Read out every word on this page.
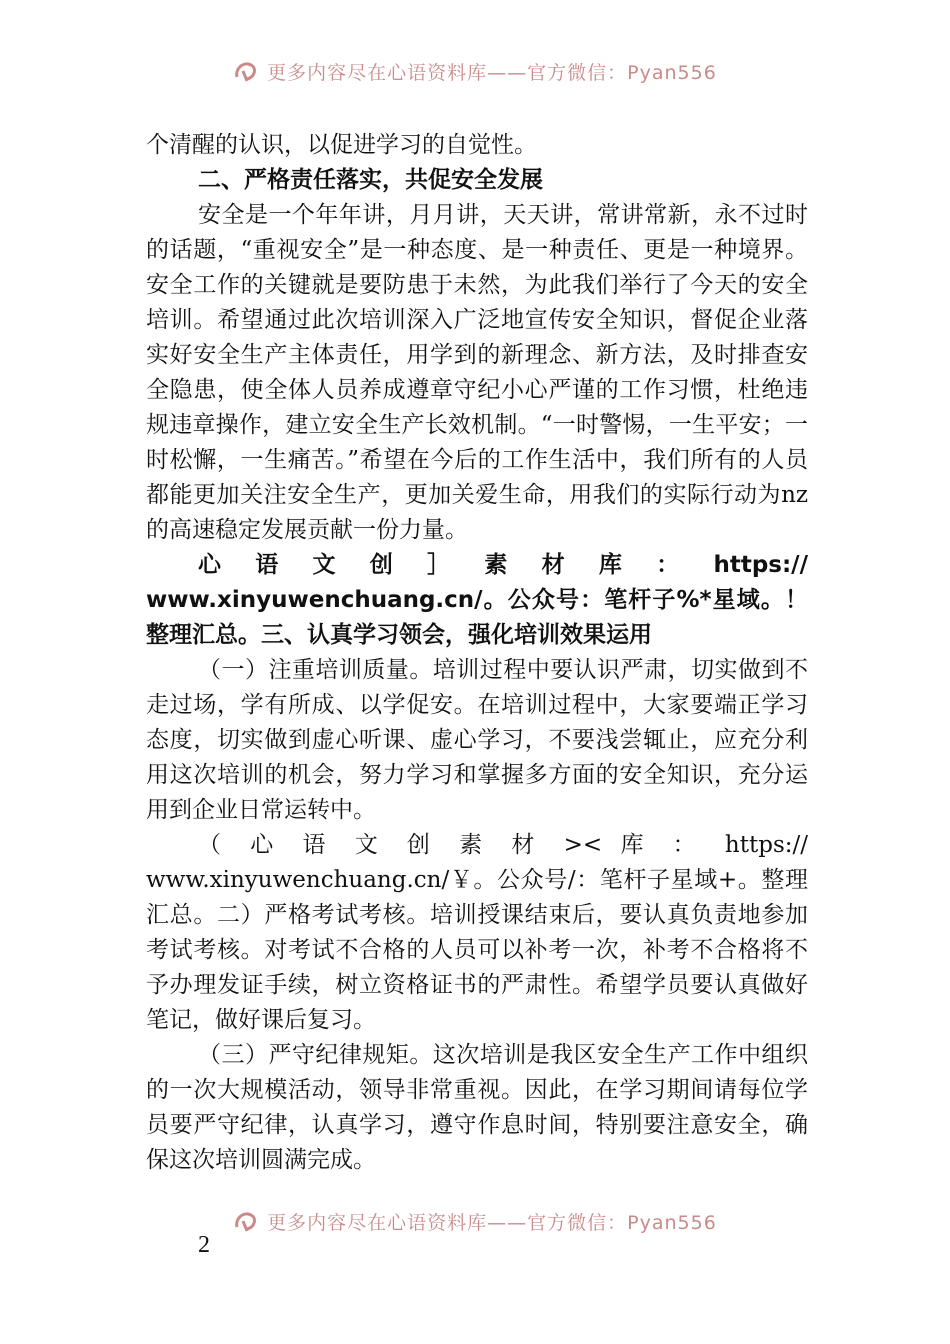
更多内容尽在心语资料库——官方微信：Pyan556

个清醒的认识，以促进学习的自觉性。

二、严格责任落实，共促安全发展

安全是一个年年讲，月月讲，天天讲，常讲常新，永不过时的话题，“重视安全”是一种态度、是一种责任、更是一种境界。安全工作的关键就是要防患于未然，为此我们举行了今天的安全培训。希望通过此次培训深入广泛地宣传安全知识，督促企业落实好安全生产主体责任，用学到的新理念、新方法，及时排查安全隐患，使全体人员养成遵章守纪小心严谨的工作习惯，杜绝违规违章操作，建立安全生产长效机制。“一时警惕，一生平安；一时松懈，一生痛苦。”希望在今后的工作生活中，我们所有的人员都能更加关注安全生产，更加关爱生命，用我们的实际行动为nz的高速稳定发展贡献一份力量。

心 语 文 创 ］ 素 材 库 ： https://

www.xinyuwenchuang.cn/。公众号：笔杆子%*星域。！整理汇总。三、认真学习领会，强化培训效果运用

（一）注重培训质量。培训过程中要认识严肃，切实做到不走过场，学有所成、以学促安。在培训过程中，大家要端正学习态度，切实做到虚心听课、虚心学习，不要浅尝辄止，应充分利用这次培训的机会，努力学习和掌握多方面的安全知识，充分运用到企业日常运转中。

（ 心 语 文 创 素 材 >< 库 ： https://

www.xinyuwenchuang.cn/￥。公众号/：笔杆子星域+。整理汇总。二）严格考试考核。培训授课结束后，要认真负责地参加考试考核。对考试不合格的人员可以补考一次，补考不合格将不予办理发证手续，树立资格证书的严肃性。希望学员要认真做好笔记，做好课后复习。

（三）严守纪律规矩。这次培训是我区安全生产工作中组织的一次大规模活动，领导非常重视。因此，在学习期间请每位学员要严守纪律，认真学习，遵守作息时间，特别要注意安全，确保这次培训圆满完成。

更多内容尽在心语资料库——官方微信：Pyan556
2
